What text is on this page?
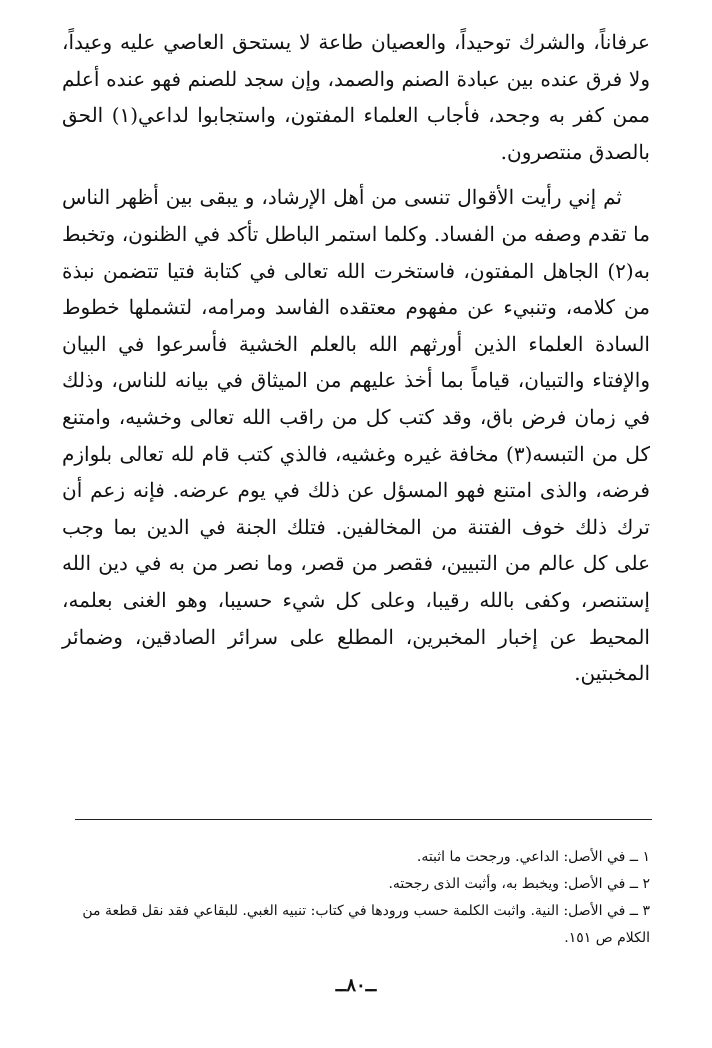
عرفاناً، والشرك توحيداً، والعصيان طاعة لا يستحق العاصي عليه وعيداً، ولا فرق عنده بين عبادة الصنم والصمد، وإن سجد للصنم فهو عنده أعلم ممن كفر به وجحد، فأجاب العلماء المفتون، واستجابوا لداعي(١) الحق بالصدق منتصرون.

ثم إني رأيت الأقوال تنسى من أهل الإرشاد، و يبقى بين أظهر الناس ما تقدم وصفه من الفساد. وكلما استمر الباطل تأكد في الظنون، وتخبط به(٢) الجاهل المفتون، فاستخرت الله تعالى في كتابة فتيا تتضمن نبذة من كلامه، وتنبيء عن مفهوم معتقده الفاسد ومرامه، لتشملها خطوط السادة العلماء الذين أورثهم الله بالعلم الخشية فأسرعوا في البيان والإفتاء والتبيان، قياماً بما أخذ عليهم من الميثاق في بيانه للناس، وذلك في زمان فرض باق، وقد كتب كل من راقب الله تعالى وخشيه، وامتنع كل من التبسه(٣) مخافة غيره وغشيه، فالذي كتب قام لله تعالى بلوازم فرضه، والذى امتنع فهو المسؤل عن ذلك في يوم عرضه. فإنه زعم أن ترك ذلك خوف الفتنة من المخالفين. فتلك الجنة في الدين بما وجب على كل عالم من التبيين، فقصر من قصر، وما نصر من به في دين الله إستنصر، وكفى بالله رقيبا، وعلى كل شيء حسيبا، وهو الغنى بعلمه، المحيط عن إخبار المخبرين، المطلع على سرائر الصادقين، وضمائر المخبتين.

١ ــ في الأصل: الداعي. ورجحت ما اثبته.

٢ ــ في الأصل: ويخبط به، وأثبت الذى رجحته.

٣ ــ في الأصل: النية. واثبت الكلمة حسب ورودها في كتاب: تنبيه الغبي. للبقاعي فقد نقل قطعة من الكلام ص ١٥١.

ــ٨٠ــ
